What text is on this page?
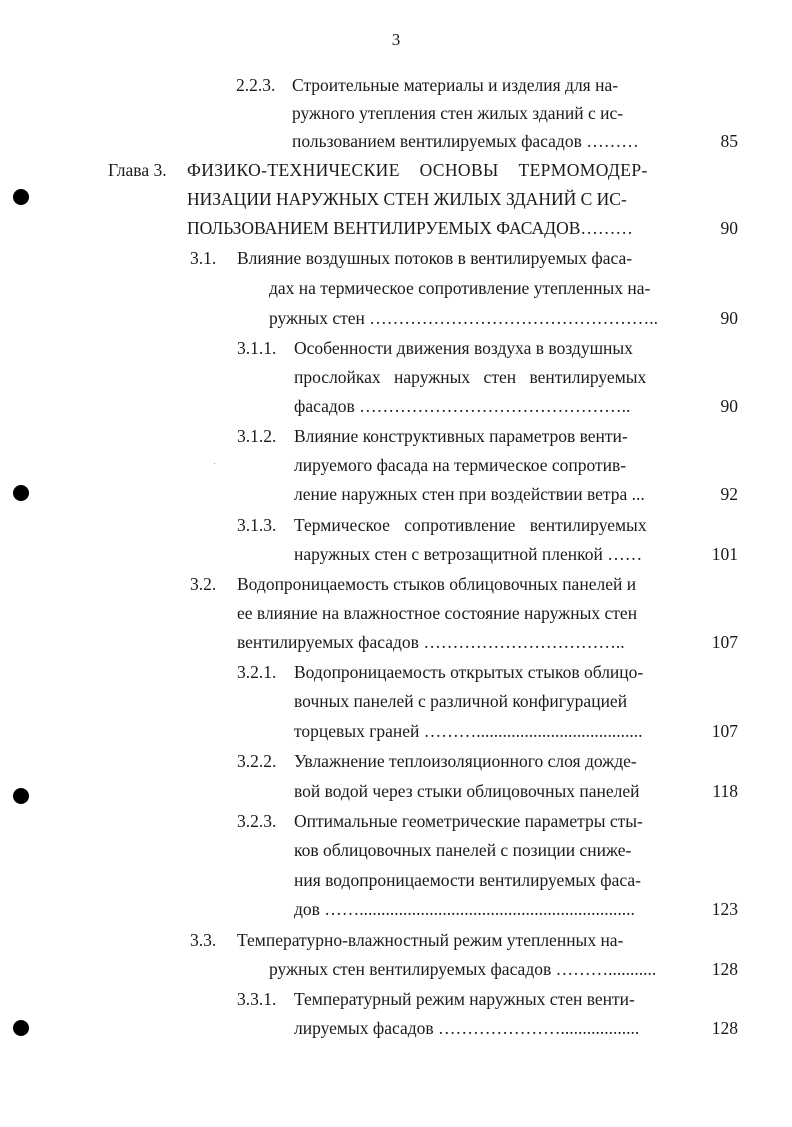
3
2.2.3. Строительные материалы и изделия для на-
ружного утепления стен жилых зданий с ис-
пользованием вентилируемых фасадов ………	85
Глава 3. ФИЗИКО-ТЕХНИЧЕСКИЕ ОСНОВЫ ТЕРМОМОДЕР-
НИЗАЦИИ НАРУЖНЫХ СТЕН ЖИЛЫХ ЗДАНИЙ С ИС-
ПОЛЬЗОВАНИЕМ ВЕНТИЛИРУЕМЫХ ФАСАДОВ………	90
3.1. Влияние воздушных потоков в вентилируемых фаса-
дах на термическое сопротивление утепленных на-
ружных стен …………………………………………..	90
3.1.1. Особенности движения воздуха в воздушных
прослойках наружных стен вентилируемых
фасадов ………………………………………..	90
3.1.2. Влияние конструктивных параметров венти-
лируемого фасада на термическое сопротив-
ление наружных стен при воздействии ветра ...	92
3.1.3. Термическое сопротивление вентилируемых
наружных стен с ветрозащитной пленкой ……	101
3.2. Водопроницаемость стыков облицовочных панелей и
ее влияние на влажностное состояние наружных стен
вентилируемых фасадов ……………………………..	107
3.2.1. Водопроницаемость открытых стыков облицо-
вочных панелей с различной конфигурацией
торцевых граней ………......................................	107
3.2.2. Увлажнение теплоизоляционного слоя дожде-
вой водой через стыки облицовочных панелей	118
3.2.3. Оптимальные геометрические параметры сты-
ков облицовочных панелей с позиции сниже-
ния водопроницаемости вентилируемых фаса-
дов ……...............................................................	123
3.3. Температурно-влажностный режим утепленных на-
ружных стен вентилируемых фасадов ………...........	128
3.3.1. Температурный режим наружных стен венти-
лируемых фасадов …………………..................	128
